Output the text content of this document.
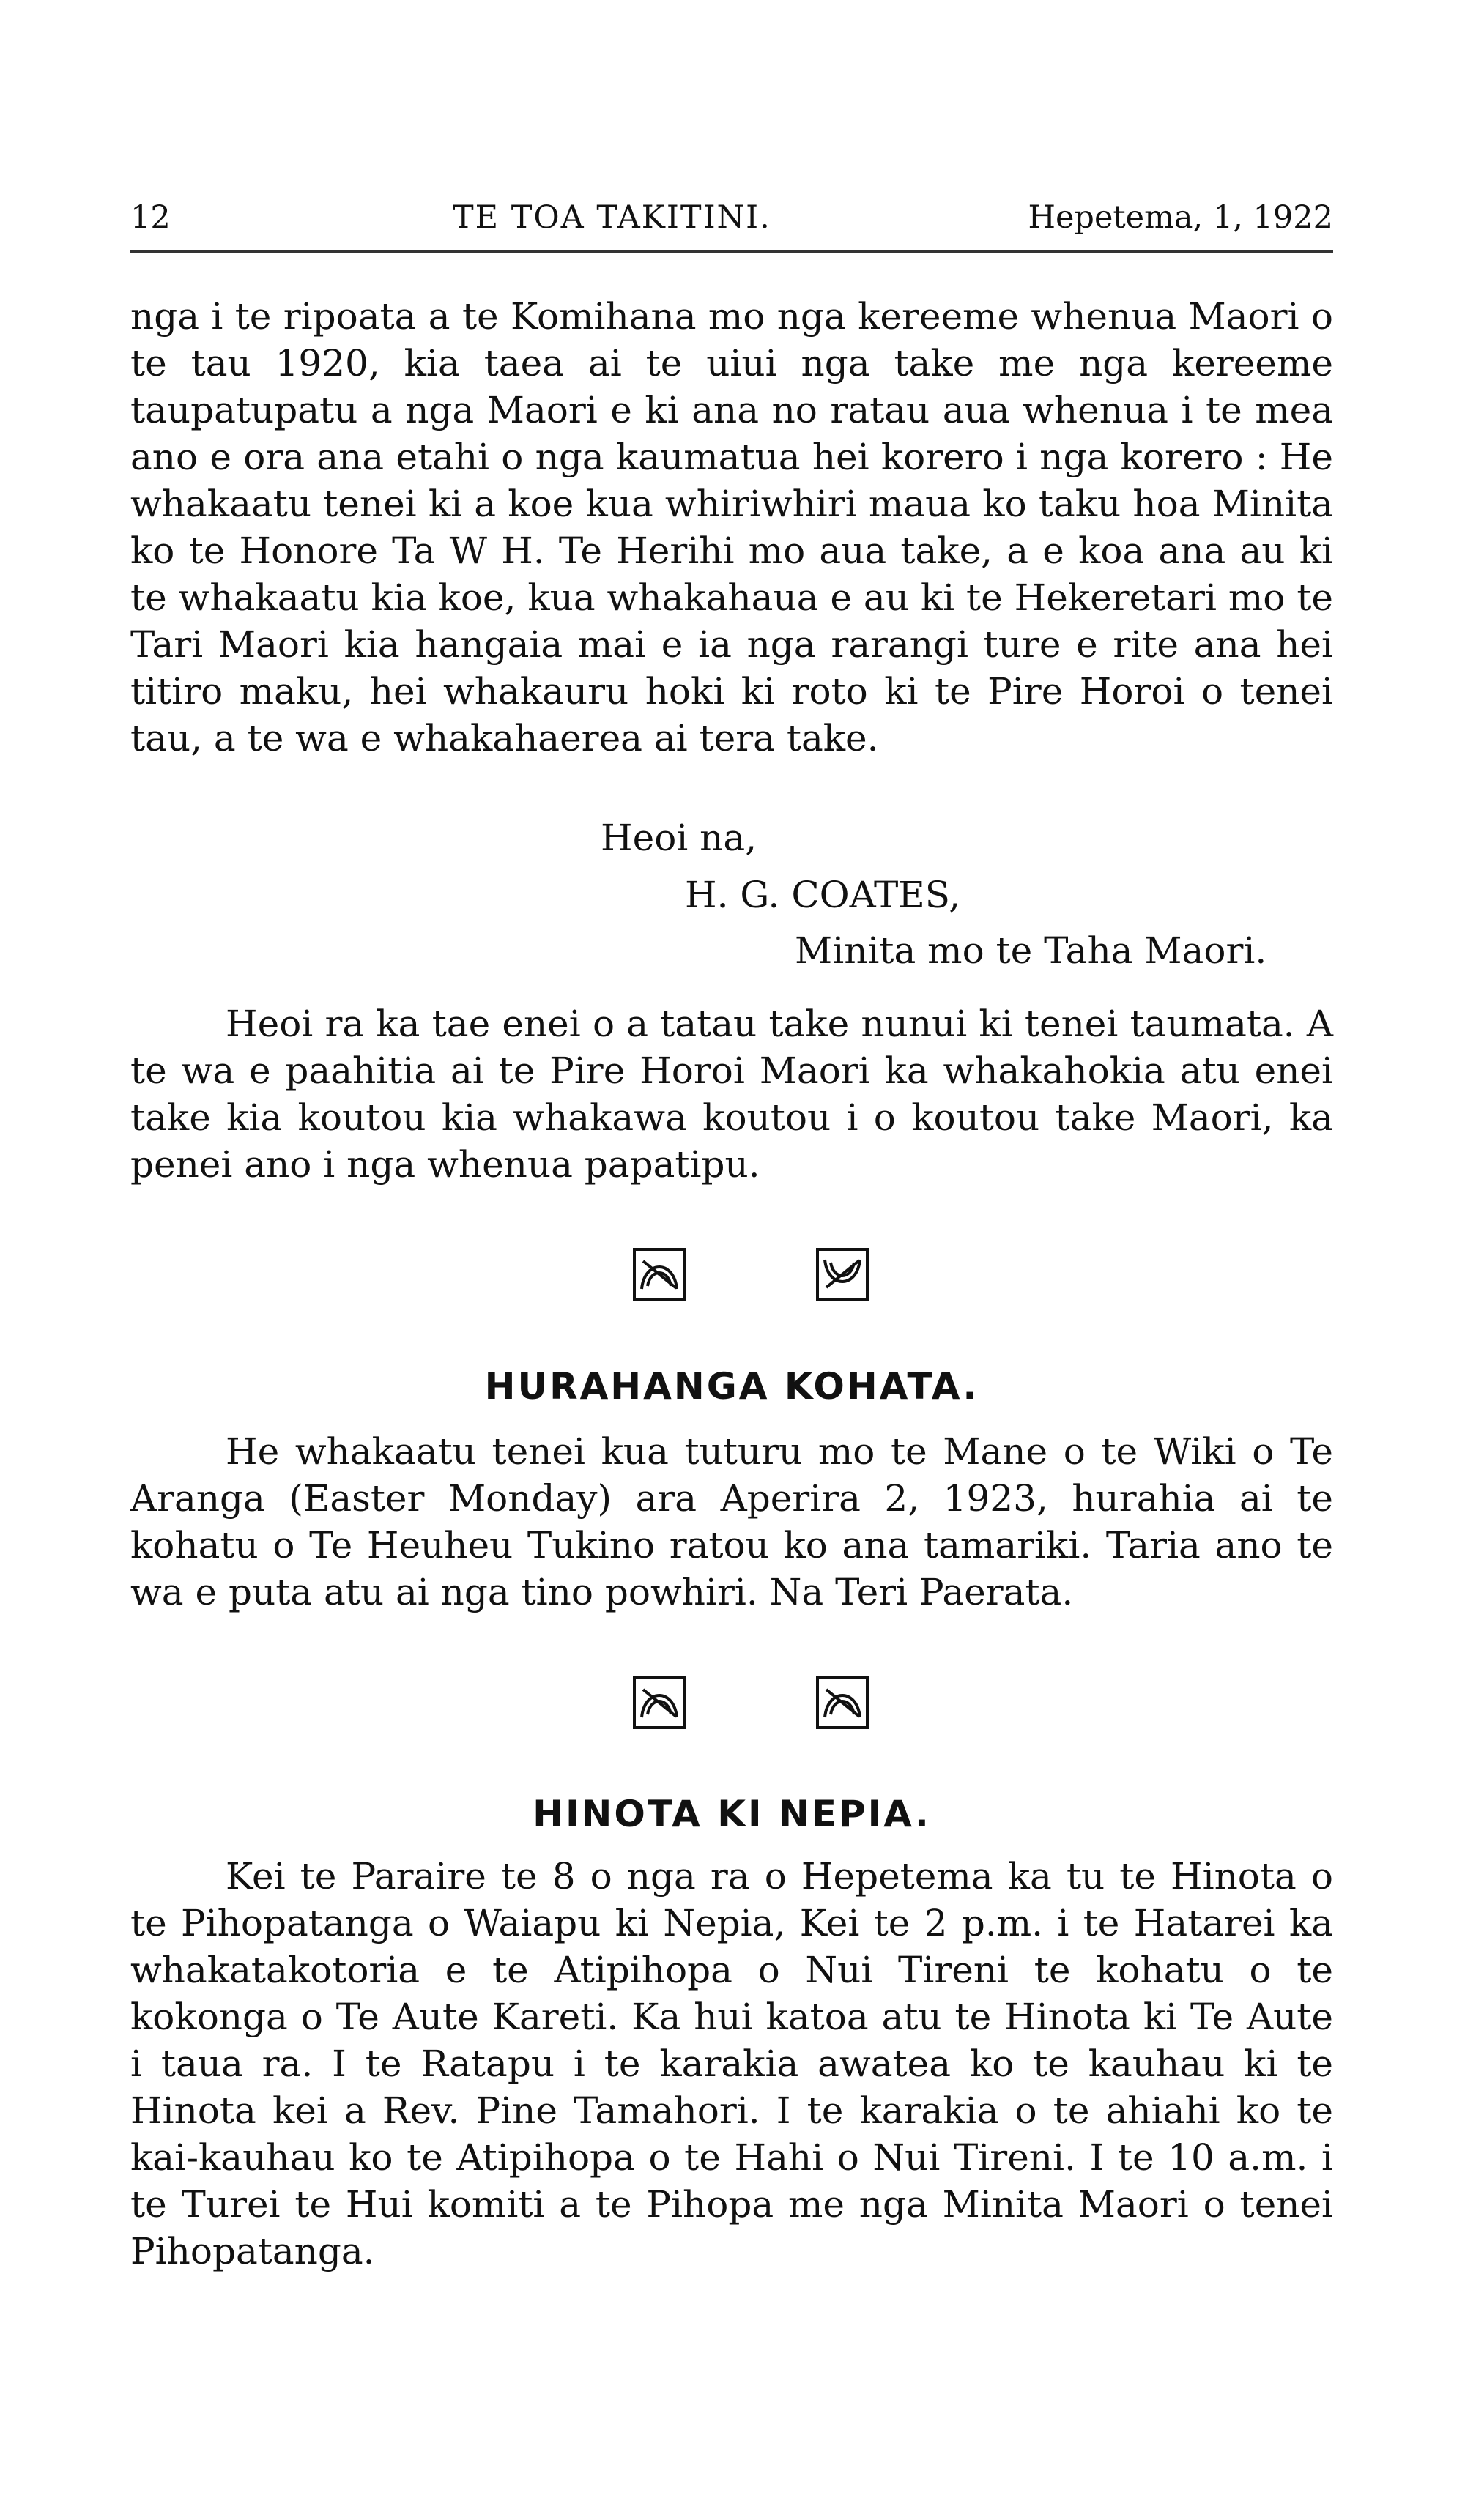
12	TE TOA TAKITINI.	Hepetema, 1, 1922

nga i te ripoata a te Komihana mo nga kereeme whenua Maori o te tau 1920, kia taea ai te uiui nga take me nga kereeme taupatupatu a nga Maori e ki ana no ratau aua whenua i te mea ano e ora ana etahi o nga kaumatua hei korero i nga korero : He whakaatu tenei ki a koe kua whiriwhiri maua ko taku hoa Minita ko te Honore Ta W H. Te Herihi mo aua take, a e koa ana au ki te whakaatu kia koe, kua whakahaua e au ki te Hekeretari mo te Tari Maori kia hangaia mai e ia nga rarangi ture e rite ana hei titiro maku, hei whakauru hoki ki roto ki te Pire Horoi o tenei tau, a te wa e whakahaerea ai tera take.

Heoi na,
H. G. COATES,
Minita mo te Taha Maori.

Heoi ra ka tae enei o a tatau take nunui ki tenei taumata. A te wa e paahitia ai te Pire Horoi Maori ka whakahokia atu enei take kia koutou kia whakawa koutou i o koutou take Maori, ka penei ano i nga whenua papatipu.

HURAHANGA KOHATA.

He whakaatu tenei kua tuturu mo te Mane o te Wiki o Te Aranga (Easter Monday) ara Aperira 2, 1923, hurahia ai te kohatu o Te Heuheu Tukino ratou ko ana tamariki. Taria ano te wa e puta atu ai nga tino powhiri. Na Teri Paerata.

HINOTA KI NEPIA.

Kei te Paraire te 8 o nga ra o Hepetema ka tu te Hinota o te Pihopatanga o Waiapu ki Nepia, Kei te 2 p.m. i te Hatarei ka whakatakotoria e te Atipihopa o Nui Tireni te kohatu o te kokonga o Te Aute Kareti. Ka hui katoa atu te Hinota ki Te Aute i taua ra. I te Ratapu i te karakia awatea ko te kauhau ki te Hinota kei a Rev. Pine Tamahori. I te karakia o te ahiahi ko te kai-kauhau ko te Atipihopa o te Hahi o Nui Tireni. I te 10 a.m. i te Turei te Hui komiti a te Pihopa me nga Minita Maori o tenei Pihopatanga.
